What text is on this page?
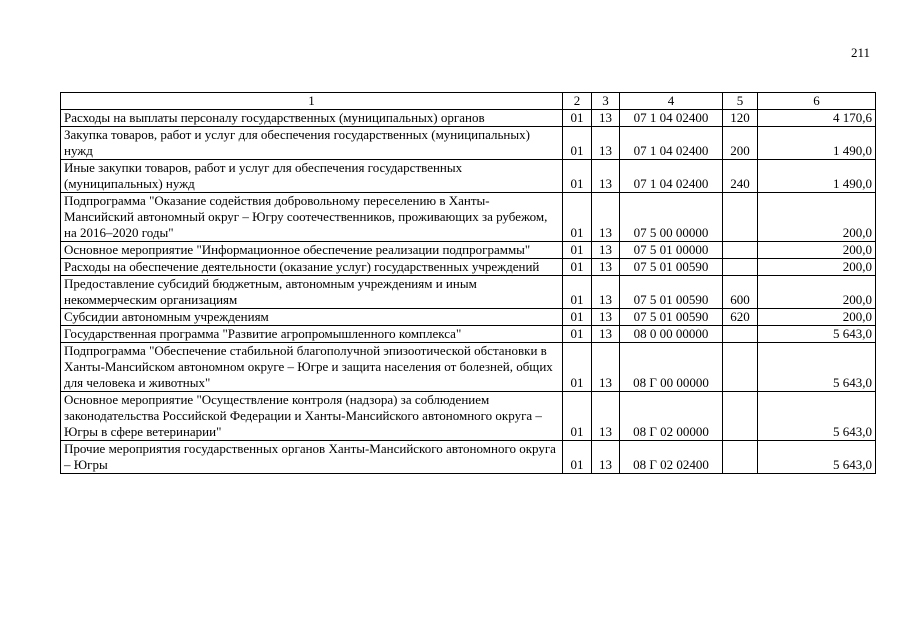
211
1	2	3	4	5	6
Расходы на выплаты персоналу государственных (муниципальных) органов	01	13	07 1 04 02400	120	4 170,6
Закупка товаров, работ и услуг для обеспечения государственных (муниципальных) нужд	01	13	07 1 04 02400	200	1 490,0
Иные закупки товаров, работ и услуг для обеспечения государственных (муниципальных) нужд	01	13	07 1 04 02400	240	1 490,0
Подпрограмма "Оказание содействия добровольному переселению в Ханты-Мансийский автономный округ – Югру соотечественников, проживающих за рубежом, на 2016–2020 годы"	01	13	07 5 00 00000		200,0
Основное мероприятие "Информационное обеспечение реализации подпрограммы"	01	13	07 5 01 00000		200,0
Расходы на обеспечение деятельности (оказание услуг) государственных учреждений	01	13	07 5 01 00590		200,0
Предоставление субсидий бюджетным, автономным учреждениям и иным некоммерческим организациям	01	13	07 5 01 00590	600	200,0
Субсидии автономным учреждениям	01	13	07 5 01 00590	620	200,0
Государственная программа "Развитие агропромышленного комплекса"	01	13	08 0 00 00000		5 643,0
Подпрограмма "Обеспечение стабильной благополучной эпизоотической обстановки в Ханты-Мансийском автономном округе – Югре и защита населения от болезней, общих для человека и животных"	01	13	08 Г 00 00000		5 643,0
Основное мероприятие "Осуществление контроля (надзора) за соблюдением законодательства Российской Федерации и Ханты-Мансийского автономного округа – Югры в сфере ветеринарии"	01	13	08 Г 02 00000		5 643,0
Прочие мероприятия государственных органов Ханты-Мансийского автономного округа – Югры	01	13	08 Г 02 02400		5 643,0
